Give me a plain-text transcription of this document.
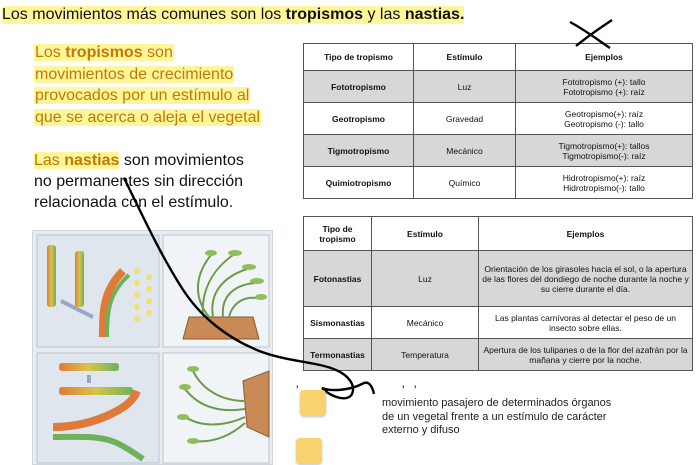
Los movimientos más comunes son los tropismos y las nastias.
Los tropismos son
movimientos de crecimiento
provocados por un estímulo al
que se acerca o aleja el vegetal
Las nastias son movimientos
no permanentes sin dirección
relacionada con el estímulo.
Tipo de tropismo	Estímulo	Ejemplos
Fototropismo	Luz	Fototropismo (+): tallo
Fototropismo (+): raíz
Geotropismo	Gravedad	Geotropismo(+): raíz
Geotropismo (-): tallo
Tigmotropismo	Mecánico	Tigmotropismo(+): tallos
Tigmotropismo(-): raíz
Quimiotropismo	Químico	Hidrotropismo(+): raíz
Hidrotropismo(-): tallo
Tipo de tropismo	Estímulo	Ejemplos
Fotonastias	Luz	Orientación de los girasoles hacia el sol, o la apertura de las flores del dondiego de noche durante la noche y su cierre durante el día.
Sismonastias	Mecánico	Las plantas carnívoras al detectar el peso de un insecto sobre ellas.
Termonastias	Temperatura	Apertura de los tulipanes o de la flor del azafrán por la mañana y cierre por la noche.
'	' '
movimiento pasajero de determinados órganos de un vegetal frente a un estímulo de carácter externo y difuso
